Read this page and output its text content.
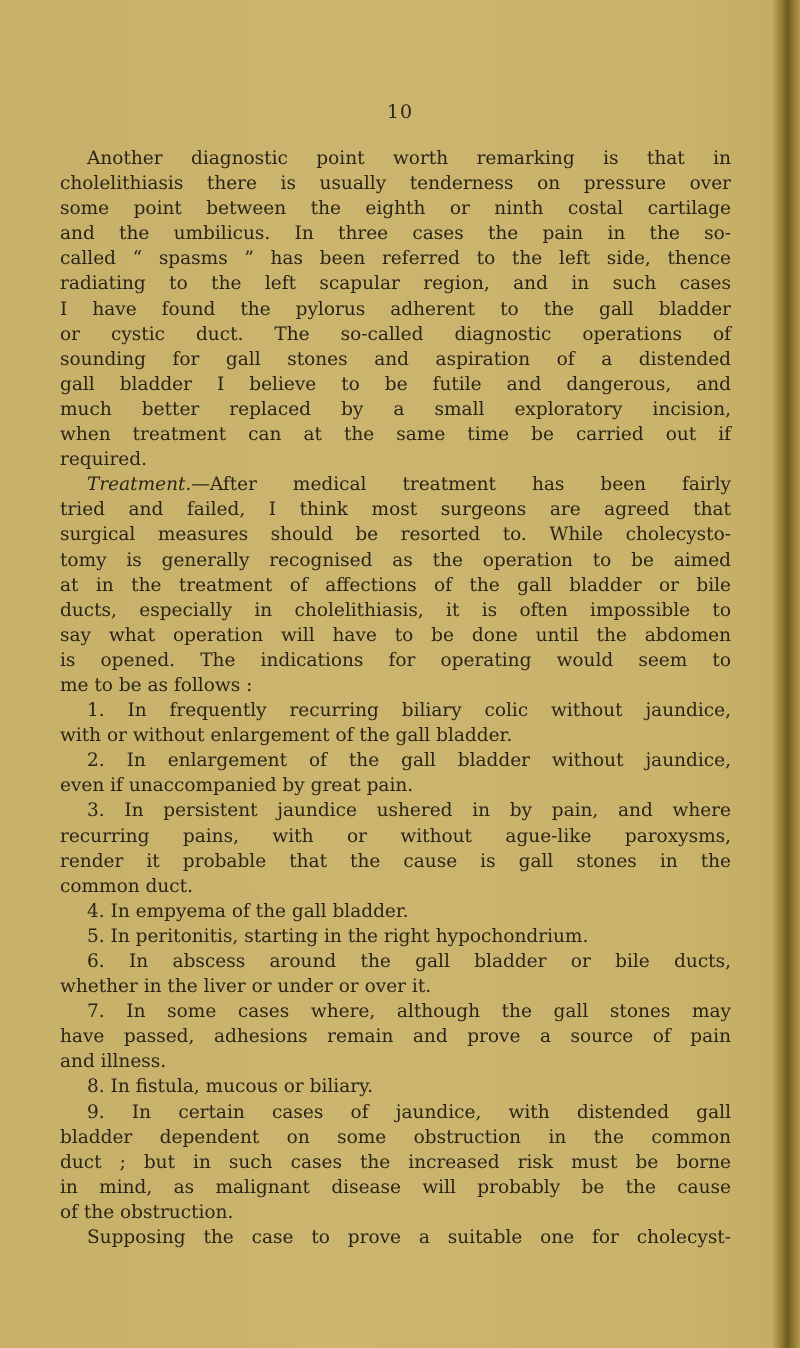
10
Another diagnostic point worth remarking is that in
cholelithiasis there is usually tenderness on pressure over
some point between the eighth or ninth costal cartilage
and the umbilicus. In three cases the pain in the so-
called “ spasms ” has been referred to the left side, thence
radiating to the left scapular region, and in such cases
I have found the pylorus adherent to the gall bladder
or cystic duct. The so-called diagnostic operations of
sounding for gall stones and aspiration of a distended
gall bladder I believe to be futile and dangerous, and
much better replaced by a small exploratory incision,
when treatment can at the same time be carried out if
required.
Treatment.—After medical treatment has been fairly
tried and failed, I think most surgeons are agreed that
surgical measures should be resorted to. While cholecysto-
tomy is generally recognised as the operation to be aimed
at in the treatment of affections of the gall bladder or bile
ducts, especially in cholelithiasis, it is often impossible to
say what operation will have to be done until the abdomen
is opened. The indications for operating would seem to
me to be as follows :
1. In frequently recurring biliary colic without jaundice,
with or without enlargement of the gall bladder.
2. In enlargement of the gall bladder without jaundice,
even if unaccompanied by great pain.
3. In persistent jaundice ushered in by pain, and where
recurring pains, with or without ague-like paroxysms,
render it probable that the cause is gall stones in the
common duct.
4. In empyema of the gall bladder.
5. In peritonitis, starting in the right hypochondrium.
6. In abscess around the gall bladder or bile ducts,
whether in the liver or under or over it.
7. In some cases where, although the gall stones may
have passed, adhesions remain and prove a source of pain
and illness.
8. In fistula, mucous or biliary.
9. In certain cases of jaundice, with distended gall
bladder dependent on some obstruction in the common
duct ; but in such cases the increased risk must be borne
in mind, as malignant disease will probably be the cause
of the obstruction.
Supposing the case to prove a suitable one for cholecyst-
